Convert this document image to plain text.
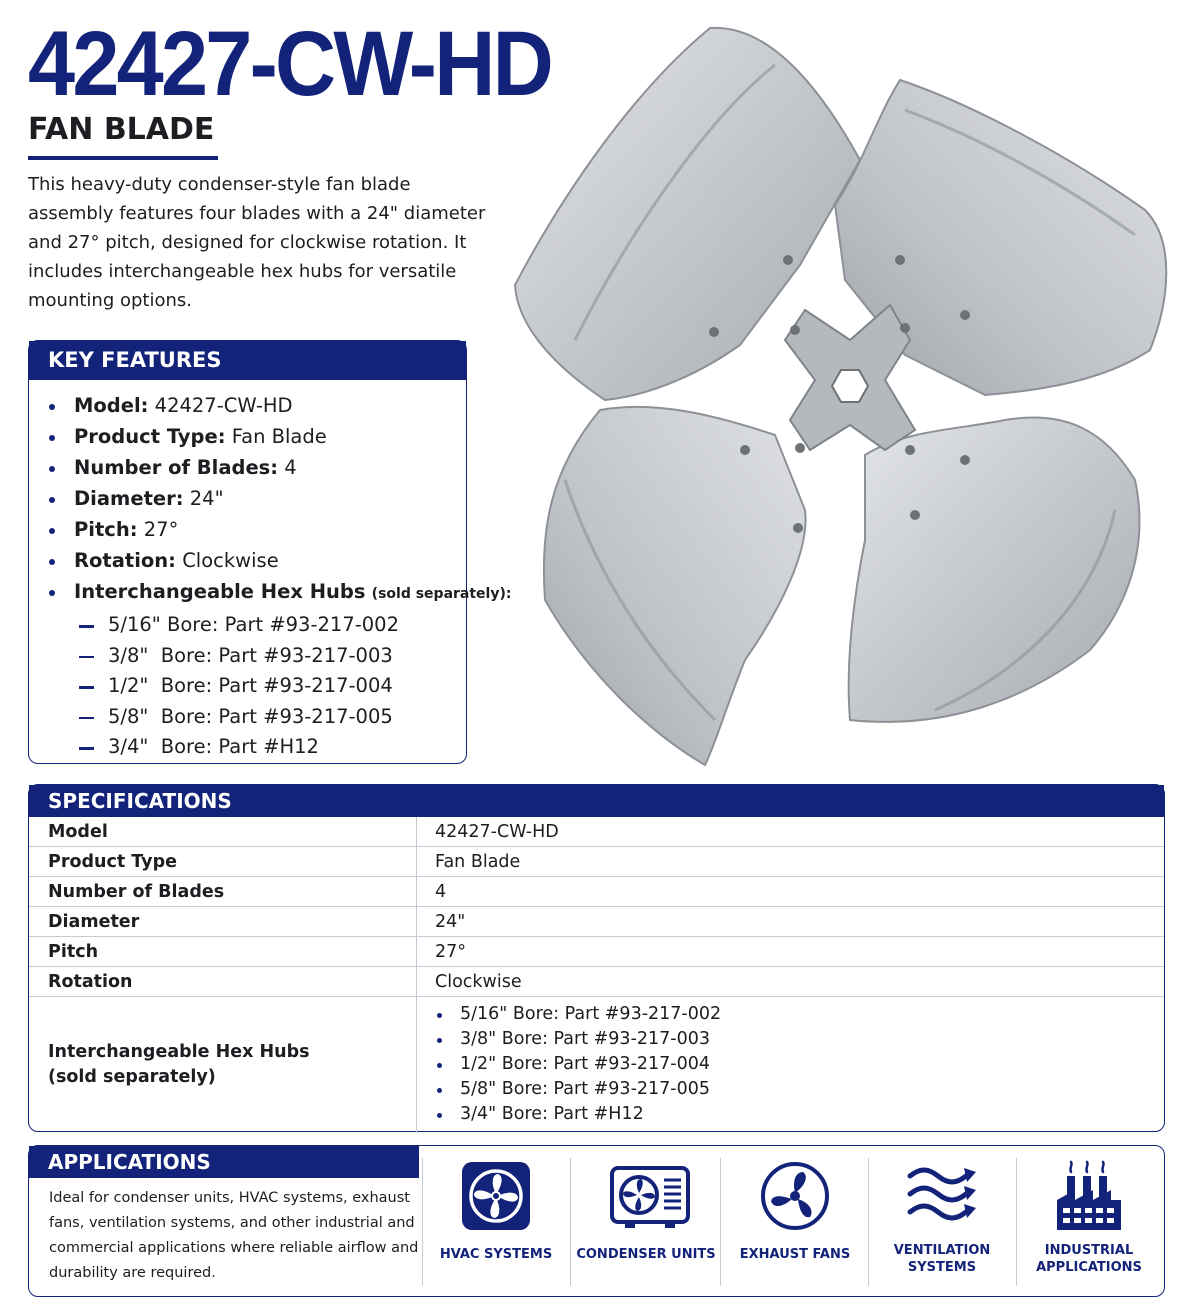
42427-CW-HD
FAN BLADE

This heavy-duty condenser-style fan blade assembly features four blades with a 24" diameter and 27° pitch, designed for clockwise rotation. It includes interchangeable hex hubs for versatile mounting options.

KEY FEATURES
Model: 42427-CW-HD
Product Type: Fan Blade
Number of Blades: 4
Diameter: 24"
Pitch: 27°
Rotation: Clockwise
Interchangeable Hex Hubs (sold separately):
5/16" Bore: Part #93-217-002
3/8"  Bore: Part #93-217-003
1/2"  Bore: Part #93-217-004
5/8"  Bore: Part #93-217-005
3/4"  Bore: Part #H12
SPECIFICATIONS
Model	42427-CW-HD
Product Type	Fan Blade
Number of Blades	4
Diameter	24"
Pitch	27°
Rotation	Clockwise
Interchangeable Hex Hubs
(sold separately)
5/16" Bore: Part #93-217-002
3/8" Bore: Part #93-217-003
1/2" Bore: Part #93-217-004
5/8" Bore: Part #93-217-005
3/4" Bore: Part #H12
APPLICATIONS

Ideal for condenser units, HVAC systems, exhaust fans, ventilation systems, and other industrial and commercial applications where reliable airflow and durability are required.

HVAC SYSTEMS	CONDENSER UNITS	EXHAUST FANS	VENTILATION
SYSTEMS
INDUSTRIAL
APPLICATIONS
